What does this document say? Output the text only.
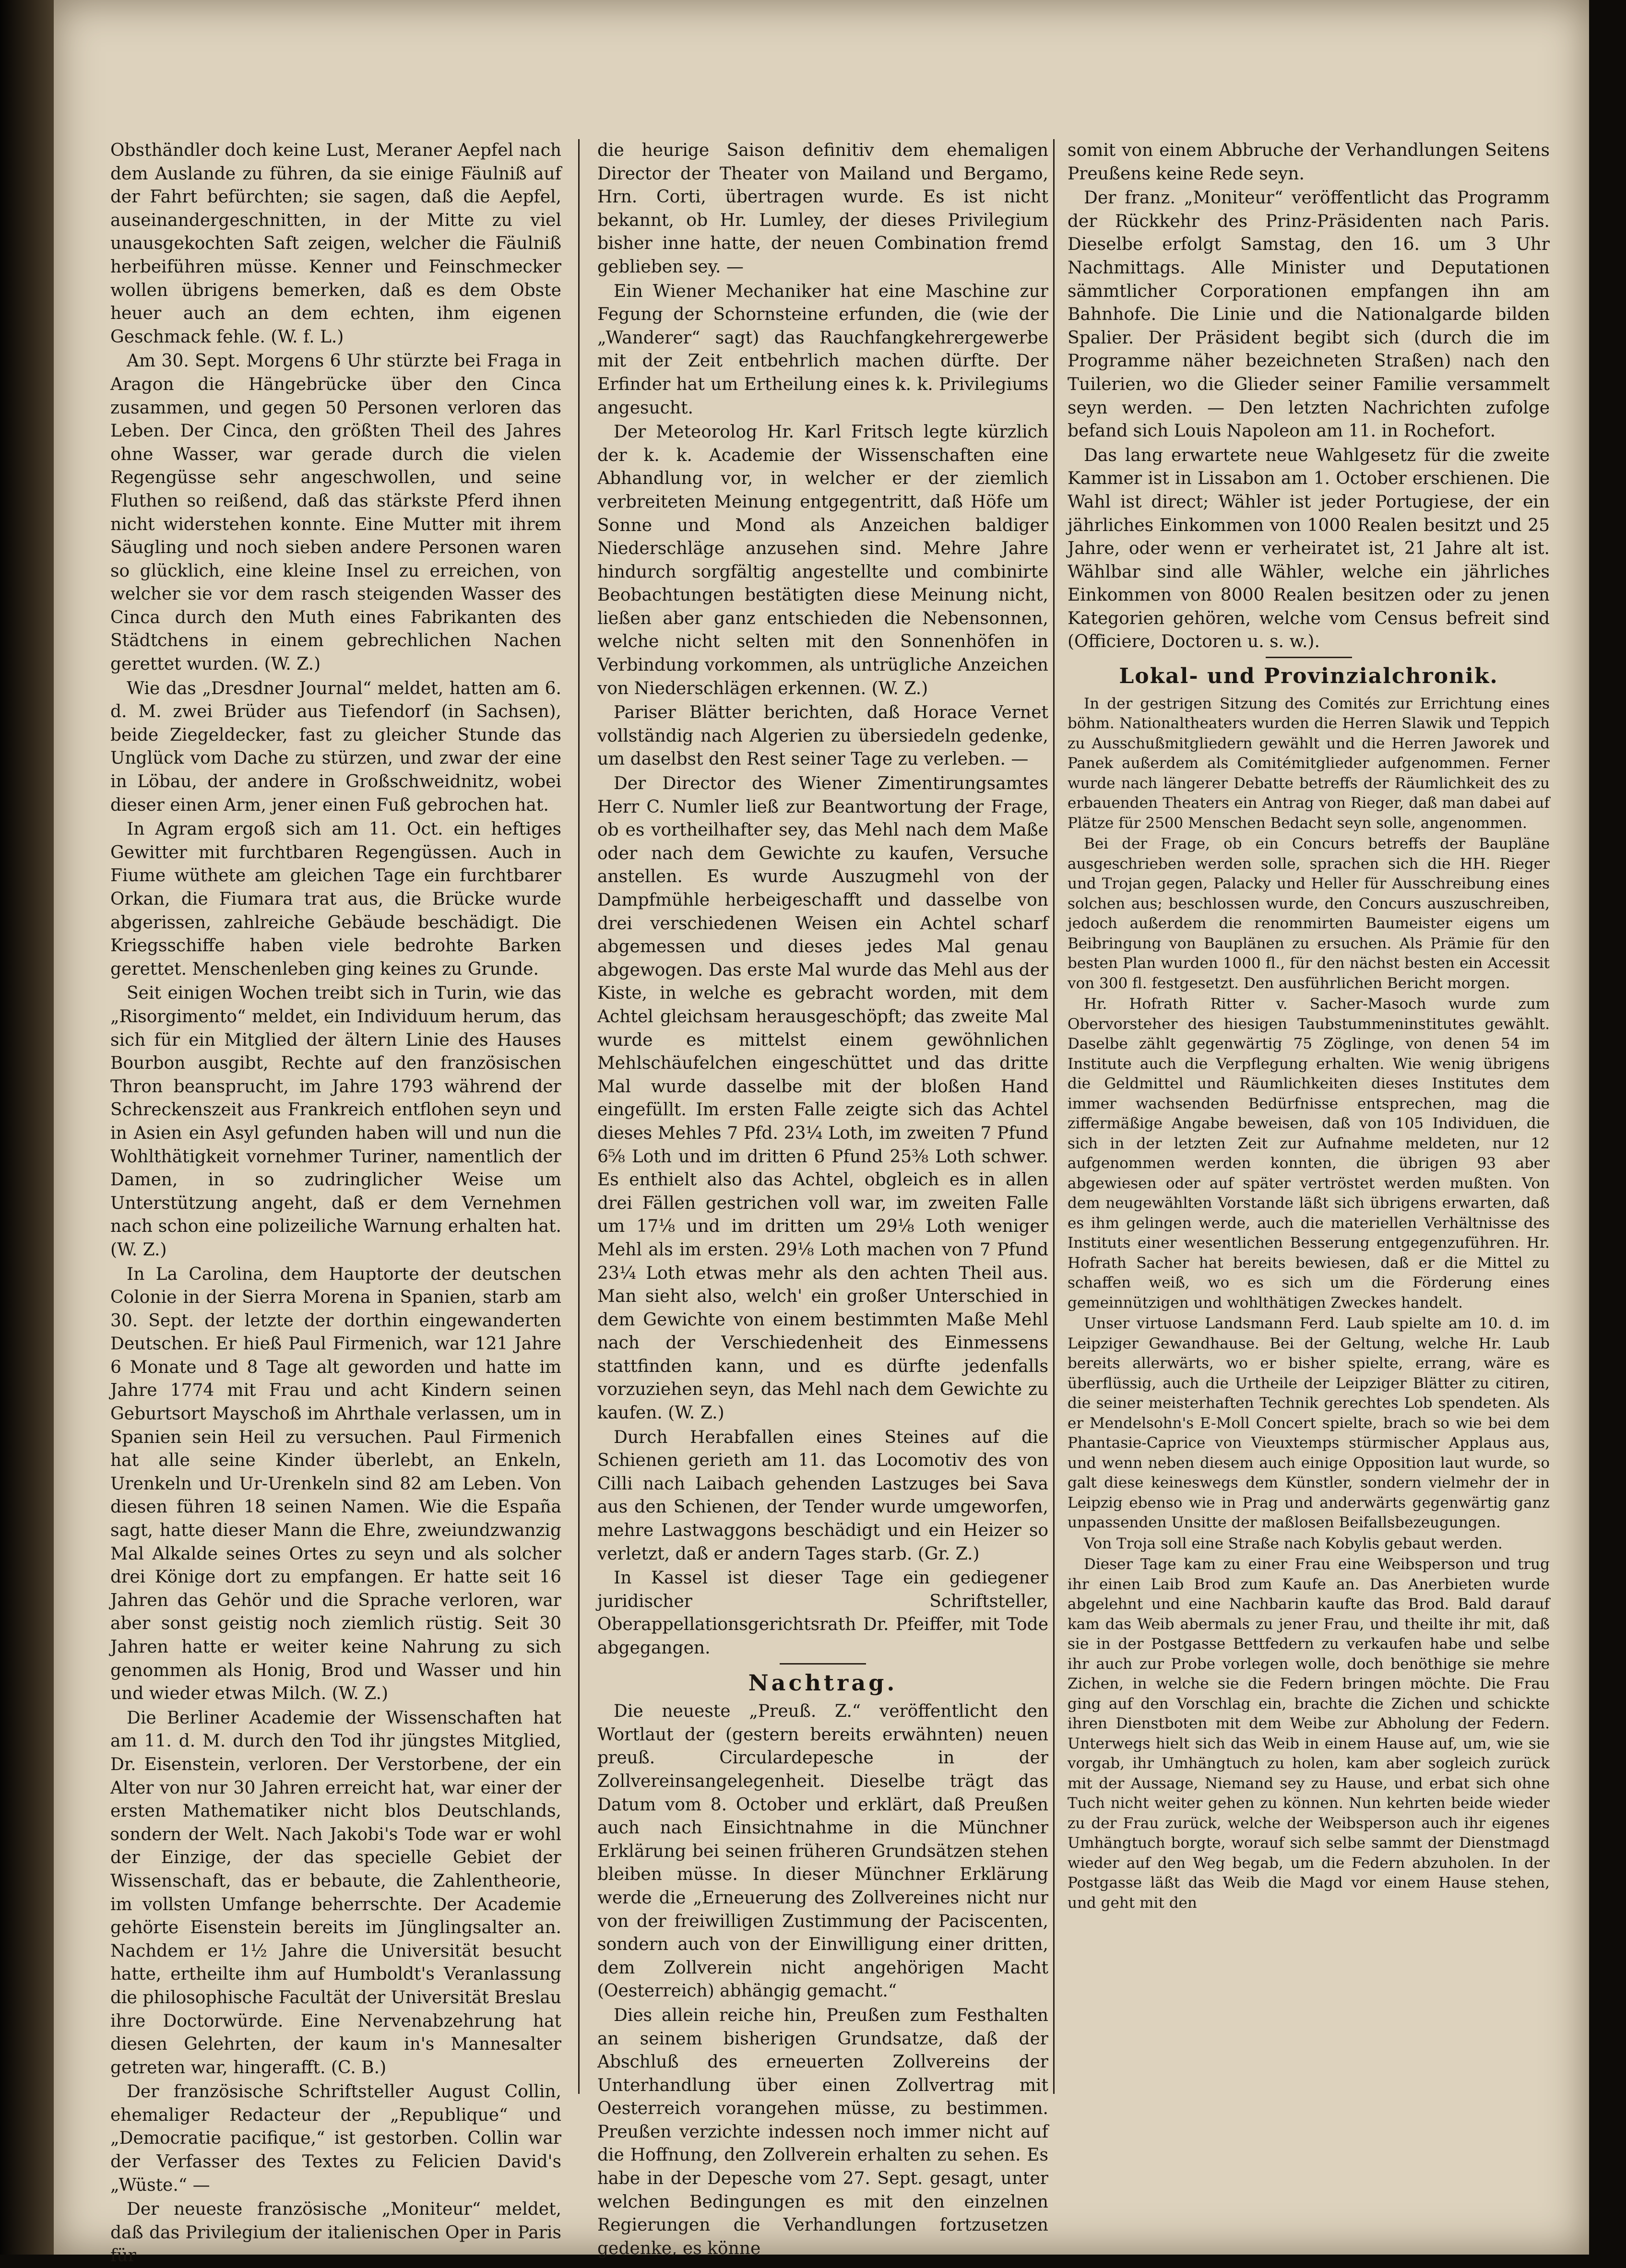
Obsthändler doch keine Lust, Meraner Aepfel nach dem Auslande zu führen, da sie einige Fäulniß auf der Fahrt befürchten; sie sagen, daß die Aepfel, auseinandergeschnitten, in der Mitte zu viel unausgekochten Saft zeigen, welcher die Fäulniß herbeiführen müsse. Kenner und Feinschmecker wollen übrigens bemerken, daß es dem Obste heuer auch an dem echten, ihm eigenen Geschmack fehle. (W. f. L.)

Am 30. Sept. Morgens 6 Uhr stürzte bei Fraga in Aragon die Hängebrücke über den Cinca zusammen, und gegen 50 Personen verloren das Leben. Der Cinca, den größten Theil des Jahres ohne Wasser, war gerade durch die vielen Regengüsse sehr angeschwollen, und seine Fluthen so reißend, daß das stärkste Pferd ihnen nicht widerstehen konnte. Eine Mutter mit ihrem Säugling und noch sieben andere Personen waren so glücklich, eine kleine Insel zu erreichen, von welcher sie vor dem rasch steigenden Wasser des Cinca durch den Muth eines Fabrikanten des Städtchens in einem gebrechlichen Nachen gerettet wurden. (W. Z.)

Wie das „Dresdner Journal“ meldet, hatten am 6. d. M. zwei Brüder aus Tiefendorf (in Sachsen), beide Ziegeldecker, fast zu gleicher Stunde das Unglück vom Dache zu stürzen, und zwar der eine in Löbau, der andere in Großschweidnitz, wobei dieser einen Arm, jener einen Fuß gebrochen hat.

In Agram ergoß sich am 11. Oct. ein heftiges Gewitter mit furchtbaren Regengüssen. Auch in Fiume wüthete am gleichen Tage ein furchtbarer Orkan, die Fiumara trat aus, die Brücke wurde abgerissen, zahlreiche Gebäude beschädigt. Die Kriegsschiffe haben viele bedrohte Barken gerettet. Menschenleben ging keines zu Grunde.

Seit einigen Wochen treibt sich in Turin, wie das „Risorgimento“ meldet, ein Individuum herum, das sich für ein Mitglied der ältern Linie des Hauses Bourbon ausgibt, Rechte auf den französischen Thron beansprucht, im Jahre 1793 während der Schreckenszeit aus Frankreich entflohen seyn und in Asien ein Asyl gefunden haben will und nun die Wohlthätigkeit vornehmer Turiner, namentlich der Damen, in so zudringlicher Weise um Unterstützung angeht, daß er dem Vernehmen nach schon eine polizeiliche Warnung erhalten hat. (W. Z.)

In La Carolina, dem Hauptorte der deutschen Colonie in der Sierra Morena in Spanien, starb am 30. Sept. der letzte der dorthin eingewanderten Deutschen. Er hieß Paul Firmenich, war 121 Jahre 6 Monate und 8 Tage alt geworden und hatte im Jahre 1774 mit Frau und acht Kindern seinen Geburtsort Mayschoß im Ahrthale verlassen, um in Spanien sein Heil zu versuchen. Paul Firmenich hat alle seine Kinder überlebt, an Enkeln, Urenkeln und Ur-Urenkeln sind 82 am Leben. Von diesen führen 18 seinen Namen. Wie die España sagt, hatte dieser Mann die Ehre, zweiundzwanzig Mal Alkalde seines Ortes zu seyn und als solcher drei Könige dort zu empfangen. Er hatte seit 16 Jahren das Gehör und die Sprache verloren, war aber sonst geistig noch ziemlich rüstig. Seit 30 Jahren hatte er weiter keine Nahrung zu sich genommen als Honig, Brod und Wasser und hin und wieder etwas Milch. (W. Z.)

Die Berliner Academie der Wissenschaften hat am 11. d. M. durch den Tod ihr jüngstes Mitglied, Dr. Eisenstein, verloren. Der Verstorbene, der ein Alter von nur 30 Jahren erreicht hat, war einer der ersten Mathematiker nicht blos Deutschlands, sondern der Welt. Nach Jakobi's Tode war er wohl der Einzige, der das specielle Gebiet der Wissenschaft, das er bebaute, die Zahlentheorie, im vollsten Umfange beherrschte. Der Academie gehörte Eisenstein bereits im Jünglingsalter an. Nachdem er 1½ Jahre die Universität besucht hatte, ertheilte ihm auf Humboldt's Veranlassung die philosophische Facultät der Universität Breslau ihre Doctorwürde. Eine Nervenabzehrung hat diesen Gelehrten, der kaum in's Mannesalter getreten war, hingerafft. (C. B.)

Der französische Schriftsteller August Collin, ehemaliger Redacteur der „Republique“ und „Democratie pacifique,“ ist gestorben. Collin war der Verfasser des Textes zu Felicien David's „Wüste.“ —

Der neueste französische „Moniteur“ meldet, daß das Privilegium der italienischen Oper in Paris für

die heurige Saison definitiv dem ehemaligen Director der Theater von Mailand und Bergamo, Hrn. Corti, übertragen wurde. Es ist nicht bekannt, ob Hr. Lumley, der dieses Privilegium bisher inne hatte, der neuen Combination fremd geblieben sey. —

Ein Wiener Mechaniker hat eine Maschine zur Fegung der Schornsteine erfunden, die (wie der „Wanderer“ sagt) das Rauchfangkehrergewerbe mit der Zeit entbehrlich machen dürfte. Der Erfinder hat um Ertheilung eines k. k. Privilegiums angesucht.

Der Meteorolog Hr. Karl Fritsch legte kürzlich der k. k. Academie der Wissenschaften eine Abhandlung vor, in welcher er der ziemlich verbreiteten Meinung entgegentritt, daß Höfe um Sonne und Mond als Anzeichen baldiger Niederschläge anzusehen sind. Mehre Jahre hindurch sorgfältig angestellte und combinirte Beobachtungen bestätigten diese Meinung nicht, ließen aber ganz entschieden die Nebensonnen, welche nicht selten mit den Sonnenhöfen in Verbindung vorkommen, als untrügliche Anzeichen von Niederschlägen erkennen. (W. Z.)

Pariser Blätter berichten, daß Horace Vernet vollständig nach Algerien zu übersiedeln gedenke, um daselbst den Rest seiner Tage zu verleben. —

Der Director des Wiener Zimentirungsamtes Herr C. Numler ließ zur Beantwortung der Frage, ob es vortheilhafter sey, das Mehl nach dem Maße oder nach dem Gewichte zu kaufen, Versuche anstellen. Es wurde Auszugmehl von der Dampfmühle herbeigeschafft und dasselbe von drei verschiedenen Weisen ein Achtel scharf abgemessen und dieses jedes Mal genau abgewogen. Das erste Mal wurde das Mehl aus der Kiste, in welche es gebracht worden, mit dem Achtel gleichsam herausgeschöpft; das zweite Mal wurde es mittelst einem gewöhnlichen Mehlschäufelchen eingeschüttet und das dritte Mal wurde dasselbe mit der bloßen Hand eingefüllt. Im ersten Falle zeigte sich das Achtel dieses Mehles 7 Pfd. 23¼ Loth, im zweiten 7 Pfund 6⅝ Loth und im dritten 6 Pfund 25⅜ Loth schwer. Es enthielt also das Achtel, obgleich es in allen drei Fällen gestrichen voll war, im zweiten Falle um 17⅛ und im dritten um 29⅛ Loth weniger Mehl als im ersten. 29⅛ Loth machen von 7 Pfund 23¼ Loth etwas mehr als den achten Theil aus. Man sieht also, welch' ein großer Unterschied in dem Gewichte von einem bestimmten Maße Mehl nach der Verschiedenheit des Einmessens stattfinden kann, und es dürfte jedenfalls vorzuziehen seyn, das Mehl nach dem Gewichte zu kaufen. (W. Z.)

Durch Herabfallen eines Steines auf die Schienen gerieth am 11. das Locomotiv des von Cilli nach Laibach gehenden Lastzuges bei Sava aus den Schienen, der Tender wurde umgeworfen, mehre Lastwaggons beschädigt und ein Heizer so verletzt, daß er andern Tages starb. (Gr. Z.)

In Kassel ist dieser Tage ein gediegener juridischer Schriftsteller, Oberappellationsgerichtsrath Dr. Pfeiffer, mit Tode abgegangen.

Nachtrag.

Die neueste „Preuß. Z.“ veröffentlicht den Wortlaut der (gestern bereits erwähnten) neuen preuß. Circulardepesche in der Zollvereinsangelegenheit. Dieselbe trägt das Datum vom 8. October und erklärt, daß Preußen auch nach Einsichtnahme in die Münchner Erklärung bei seinen früheren Grundsätzen stehen bleiben müsse. In dieser Münchner Erklärung werde die „Erneuerung des Zollvereines nicht nur von der freiwilligen Zustimmung der Paciscenten, sondern auch von der Einwilligung einer dritten, dem Zollverein nicht angehörigen Macht (Oesterreich) abhängig gemacht.“

Dies allein reiche hin, Preußen zum Festhalten an seinem bisherigen Grundsatze, daß der Abschluß des erneuerten Zollvereins der Unterhandlung über einen Zollvertrag mit Oesterreich vorangehen müsse, zu bestimmen. Preußen verzichte indessen noch immer nicht auf die Hoffnung, den Zollverein erhalten zu sehen. Es habe in der Depesche vom 27. Sept. gesagt, unter welchen Bedingungen es mit den einzelnen Regierungen die Verhandlungen fortzusetzen gedenke, es könne

somit von einem Abbruche der Verhandlungen Seitens Preußens keine Rede seyn.

Der franz. „Moniteur“ veröffentlicht das Programm der Rückkehr des Prinz-Präsidenten nach Paris. Dieselbe erfolgt Samstag, den 16. um 3 Uhr Nachmittags. Alle Minister und Deputationen sämmtlicher Corporationen empfangen ihn am Bahnhofe. Die Linie und die Nationalgarde bilden Spalier. Der Präsident begibt sich (durch die im Programme näher bezeichneten Straßen) nach den Tuilerien, wo die Glieder seiner Familie versammelt seyn werden. — Den letzten Nachrichten zufolge befand sich Louis Napoleon am 11. in Rochefort.

Das lang erwartete neue Wahlgesetz für die zweite Kammer ist in Lissabon am 1. October erschienen. Die Wahl ist direct; Wähler ist jeder Portugiese, der ein jährliches Einkommen von 1000 Realen besitzt und 25 Jahre, oder wenn er verheiratet ist, 21 Jahre alt ist. Wählbar sind alle Wähler, welche ein jährliches Einkommen von 8000 Realen besitzen oder zu jenen Kategorien gehören, welche vom Census befreit sind (Officiere, Doctoren u. s. w.).

Lokal- und Provinzialchronik.

In der gestrigen Sitzung des Comités zur Errichtung eines böhm. Nationaltheaters wurden die Herren Slawik und Teppich zu Ausschußmitgliedern gewählt und die Herren Jaworek und Panek außerdem als Comitémitglieder aufgenommen. Ferner wurde nach längerer Debatte betreffs der Räumlichkeit des zu erbauenden Theaters ein Antrag von Rieger, daß man dabei auf Plätze für 2500 Menschen Bedacht seyn solle, angenommen.

Bei der Frage, ob ein Concurs betreffs der Baupläne ausgeschrieben werden solle, sprachen sich die HH. Rieger und Trojan gegen, Palacky und Heller für Ausschreibung eines solchen aus; beschlossen wurde, den Concurs auszuschreiben, jedoch außerdem die renommirten Baumeister eigens um Beibringung von Bauplänen zu ersuchen. Als Prämie für den besten Plan wurden 1000 fl., für den nächst besten ein Accessit von 300 fl. festgesetzt. Den ausführlichen Bericht morgen.

Hr. Hofrath Ritter v. Sacher-Masoch wurde zum Obervorsteher des hiesigen Taubstummeninstitutes gewählt. Daselbe zählt gegenwärtig 75 Zöglinge, von denen 54 im Institute auch die Verpflegung erhalten. Wie wenig übrigens die Geldmittel und Räumlichkeiten dieses Institutes dem immer wachsenden Bedürfnisse entsprechen, mag die ziffermäßige Angabe beweisen, daß von 105 Individuen, die sich in der letzten Zeit zur Aufnahme meldeten, nur 12 aufgenommen werden konnten, die übrigen 93 aber abgewiesen oder auf später vertröstet werden mußten. Von dem neugewählten Vorstande läßt sich übrigens erwarten, daß es ihm gelingen werde, auch die materiellen Verhältnisse des Instituts einer wesentlichen Besserung entgegenzuführen. Hr. Hofrath Sacher hat bereits bewiesen, daß er die Mittel zu schaffen weiß, wo es sich um die Förderung eines gemeinnützigen und wohlthätigen Zweckes handelt.

Unser virtuose Landsmann Ferd. Laub spielte am 10. d. im Leipziger Gewandhause. Bei der Geltung, welche Hr. Laub bereits allerwärts, wo er bisher spielte, errang, wäre es überflüssig, auch die Urtheile der Leipziger Blätter zu citiren, die seiner meisterhaften Technik gerechtes Lob spendeten. Als er Mendelsohn's E-Moll Concert spielte, brach so wie bei dem Phantasie-Caprice von Vieuxtemps stürmischer Applaus aus, und wenn neben diesem auch einige Opposition laut wurde, so galt diese keineswegs dem Künstler, sondern vielmehr der in Leipzig ebenso wie in Prag und anderwärts gegenwärtig ganz unpassenden Unsitte der maßlosen Beifallsbezeugungen.

Von Troja soll eine Straße nach Kobylis gebaut werden.

Dieser Tage kam zu einer Frau eine Weibsperson und trug ihr einen Laib Brod zum Kaufe an. Das Anerbieten wurde abgelehnt und eine Nachbarin kaufte das Brod. Bald darauf kam das Weib abermals zu jener Frau, und theilte ihr mit, daß sie in der Postgasse Bettfedern zu verkaufen habe und selbe ihr auch zur Probe vorlegen wolle, doch benöthige sie mehre Zichen, in welche sie die Federn bringen möchte. Die Frau ging auf den Vorschlag ein, brachte die Zichen und schickte ihren Dienstboten mit dem Weibe zur Abholung der Federn. Unterwegs hielt sich das Weib in einem Hause auf, um, wie sie vorgab, ihr Umhängtuch zu holen, kam aber sogleich zurück mit der Aussage, Niemand sey zu Hause, und erbat sich ohne Tuch nicht weiter gehen zu können. Nun kehrten beide wieder zu der Frau zurück, welche der Weibsperson auch ihr eigenes Umhängtuch borgte, worauf sich selbe sammt der Dienstmagd wieder auf den Weg begab, um die Federn abzuholen. In der Postgasse läßt das Weib die Magd vor einem Hause stehen, und geht mit den
